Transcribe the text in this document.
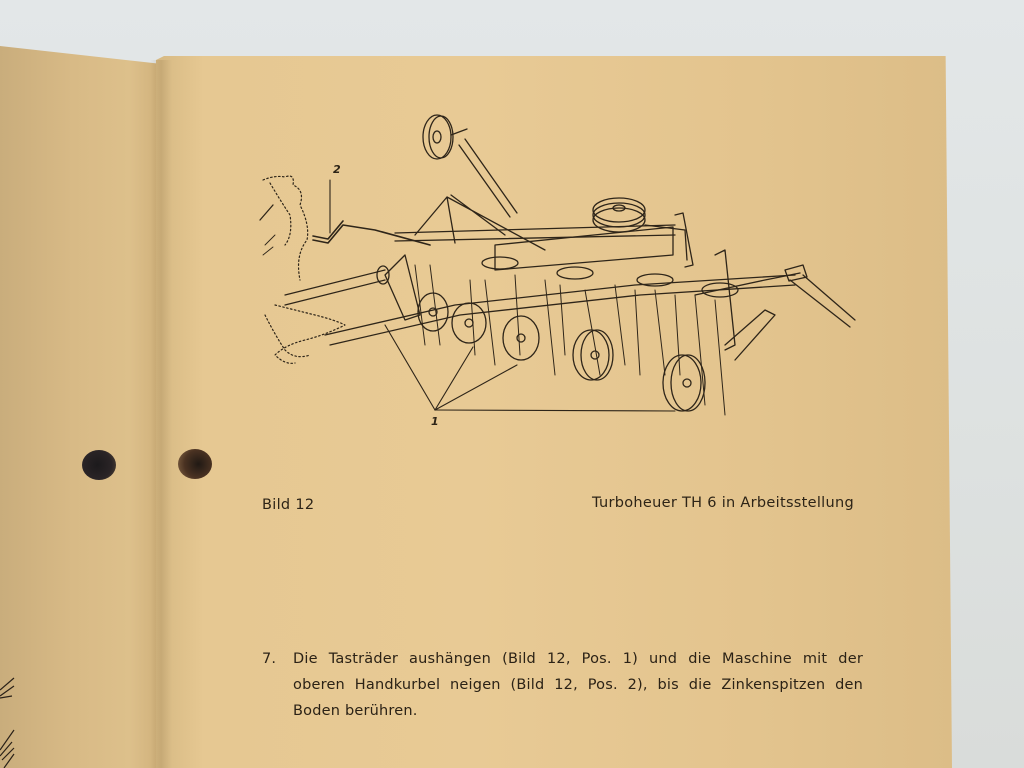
2
1
Bild 12	Turboheuer TH 6 in Arbeitsstellung
7. Die Tasträder aushängen (Bild 12, Pos. 1) und die Maschine mit der
oberen Handkurbel neigen (Bild 12, Pos. 2), bis die Zinkenspitzen den
Boden berühren.
